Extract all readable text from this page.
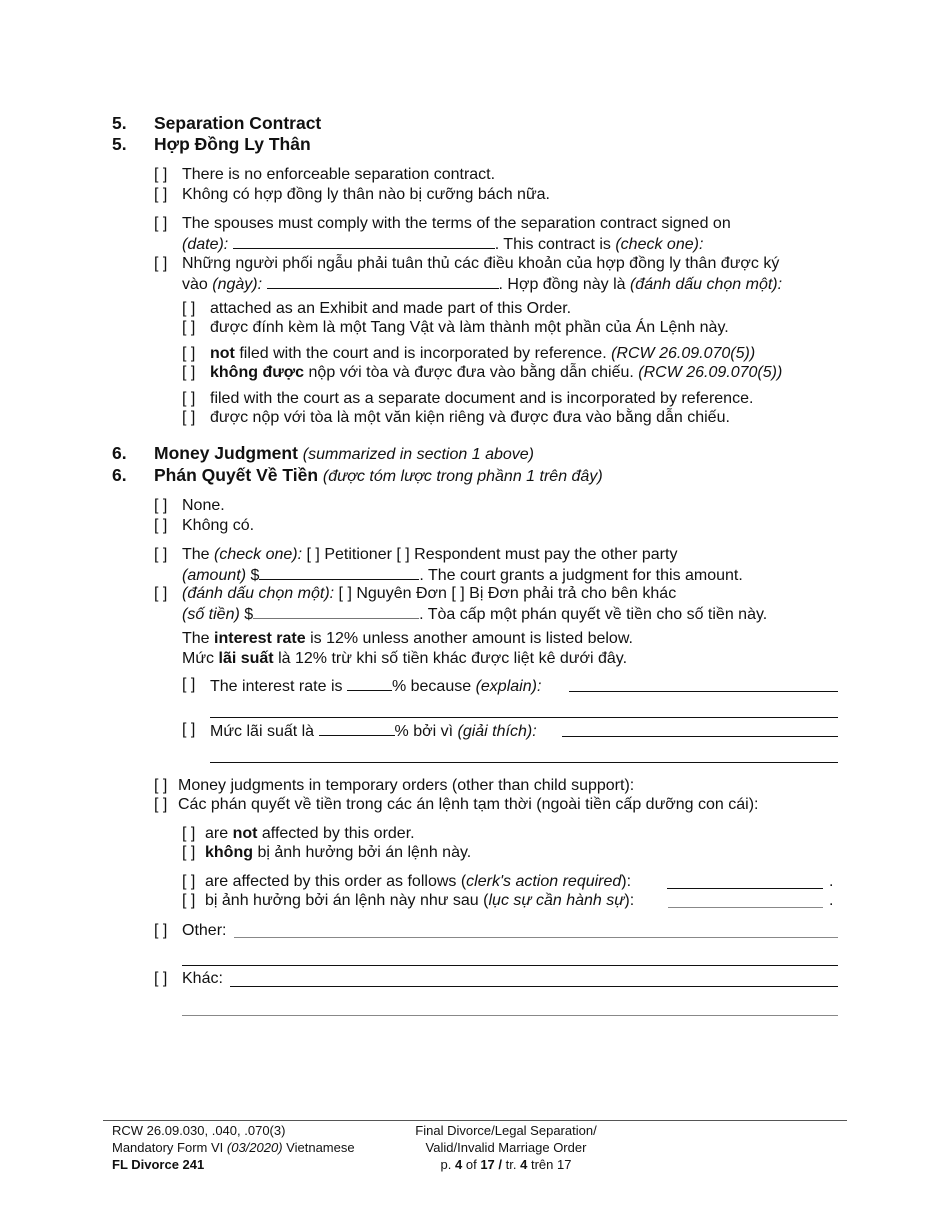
5. Separation Contract
5. Hợp Đồng Ly Thân
[ ] There is no enforceable separation contract.
[ ] Không có hợp đồng ly thân nào bị cưỡng bách nữa.
[ ] The spouses must comply with the terms of the separation contract signed on
(date):	. This contract is (check one):
[ ] Những người phối ngẫu phải tuân thủ các điều khoản của hợp đồng ly thân được ký
vào (ngày):	. Hợp đồng này là (đánh dấu chọn một):
[ ] attached as an Exhibit and made part of this Order.
[ ] được đính kèm là một Tang Vật và làm thành một phần của Án Lệnh này.
[ ] not filed with the court and is incorporated by reference. (RCW 26.09.070(5))
[ ] không được nộp với tòa và được đưa vào bằng dẫn chiếu. (RCW 26.09.070(5))
[ ] filed with the court as a separate document and is incorporated by reference.
[ ] được nộp với tòa là một văn kiện riêng và được đưa vào bằng dẫn chiếu.
6. Money Judgment (summarized in section 1 above)
6. Phán Quyết Về Tiền (được tóm lược trong phầnn 1 trên đây)
[ ] None.
[ ] Không có.
[ ] The (check one): [ ] Petitioner [ ] Respondent must pay the other party
(amount) $	. The court grants a judgment for this amount.
[ ] (đánh dấu chọn một): [ ] Nguyên Đơn [ ] Bị Đơn phải trả cho bên khác
(số tiền) $	. Tòa cấp một phán quyết về tiền cho số tiền này.
The interest rate is 12% unless another amount is listed below.
Mức lãi suất là 12% trừ khi số tiền khác được liệt kê dưới đây.
[ ] The interest rate is	% because (explain):
[ ] Mức lãi suất là	% bởi vì (giải thích):
[ ] Money judgments in temporary orders (other than child support):
[ ] Các phán quyết về tiền trong các án lệnh tạm thời (ngoài tiền cấp dưỡng con cái):
[ ] are not affected by this order.
[ ] không bị ảnh hưởng bởi án lệnh này.
[ ] are affected by this order as follows (clerk's action required):	.
[ ] bị ảnh hưởng bởi án lệnh này như sau (lục sự cần hành sự):	.
[ ] Other:
[ ] Khác:
RCW 26.09.030, .040, .070(3)
Mandatory Form VI (03/2020) Vietnamese
FL Divorce 241
Final Divorce/Legal Separation/
Valid/Invalid Marriage Order
p. 4 of 17 / tr. 4 trên 17
